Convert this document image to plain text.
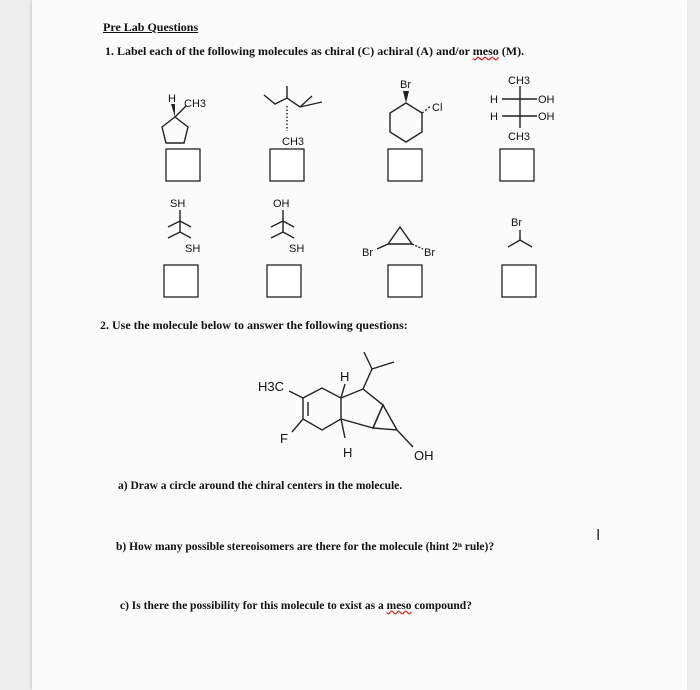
Pre Lab Questions
1. Label each of the following molecules as chiral (C) achiral (A) and/or meso (M).
H CH3
CH3
Br
Cl
CH3
H	OH
H	OH
CH3
SH
SH
OH
SH	Br	Br
Br
H3C
H
F
H	OH
2. Use the molecule below to answer the following questions:
a) Draw a circle around the chiral centers in the molecule.
b) How many possible stereoisomers are there for the molecule (hint 2ⁿ rule)?
c) Is there the possibility for this molecule to exist as a meso compound?
I
